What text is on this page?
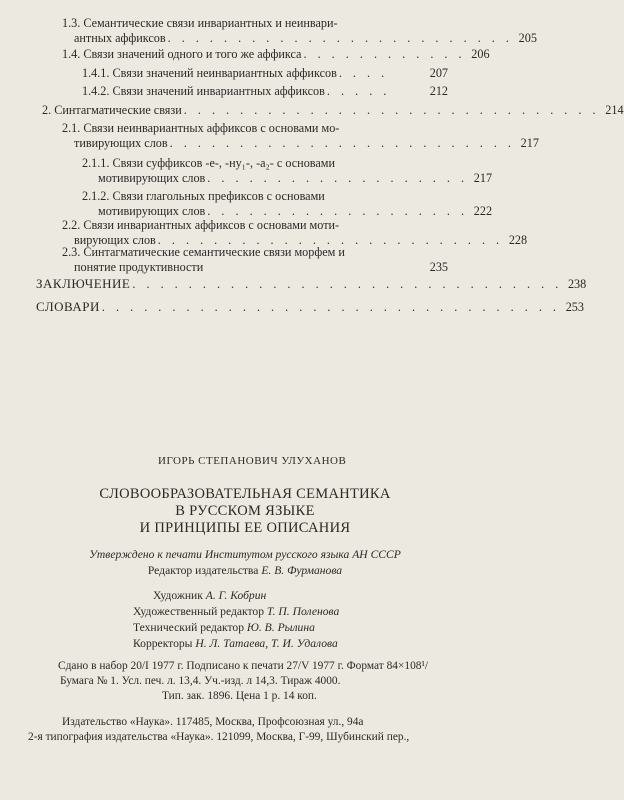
1.3. Семантические связи инвариантных и неинвари-
антных аффиксов . . . . . . . . . . . . . . . . . . . . . . . . . 205
1.4. Связи значений одного и того же аффикса . . . . . . . . . . . . 206
1.4.1. Связи значений неинвариантных аффиксов . . . .	207
1.4.2. Связи значений инвариантных аффиксов . . . . .	212
2. Синтагматические связи . . . . . . . . . . . . . . . . . . . . . . . . . . . . . . 214
2.1. Связи неинвариантных аффиксов с основами мо-
тивирующих слов . . . . . . . . . . . . . . . . . . . . . . . . . 217
2.1.1. Связи суффиксов -е-, -ну₁-, -а₂- с основами
мотивирующих слов . . . . . . . . . . . . . . . . . . . 217
2.1.2. Связи глагольных префиксов с основами
мотивирующих слов . . . . . . . . . . . . . . . . . . . 222
2.2. Связи инвариантных аффиксов с основами моти-
вирующих слов . . . . . . . . . . . . . . . . . . . . . . . . . 228
2.3. Синтагматические семантические связи морфем и
понятие продуктивности	235
ЗАКЛЮЧЕНИЕ . . . . . . . . . . . . . . . . . . . . . . . . . . . . . . . 238
СЛОВАРИ . . . . . . . . . . . . . . . . . . . . . . . . . . . . . . . . . 253
ИГОРЬ СТЕПАНОВИЧ УЛУХАНОВ
СЛОВООБРАЗОВАТЕЛЬНАЯ СЕМАНТИКА
В РУССКОМ ЯЗЫКЕ
И ПРИНЦИПЫ ЕЕ ОПИСАНИЯ
Утверждено к печати Институтом русского языка АН СССР
Редактор издательства Е. В. Фурманова
Художник А. Г. Кобрин
Художественный редактор Т. П. Поленова
Технический редактор Ю. В. Рылина
Корректоры Н. Л. Татаева, Т. И. Удалова
Сдано в набор 20/I 1977 г. Подписано к печати 27/V 1977 г. Формат 84×108¹/
Бумага № 1. Усл. печ. л. 13,4. Уч.-изд. л 14,3. Тираж 4000.
Тип. зак. 1896. Цена 1 р. 14 коп.
Издательство «Наука». 117485, Москва, Профсоюзная ул., 94а
2-я типография издательства «Наука». 121099, Москва, Г-99, Шубинский пер.,
